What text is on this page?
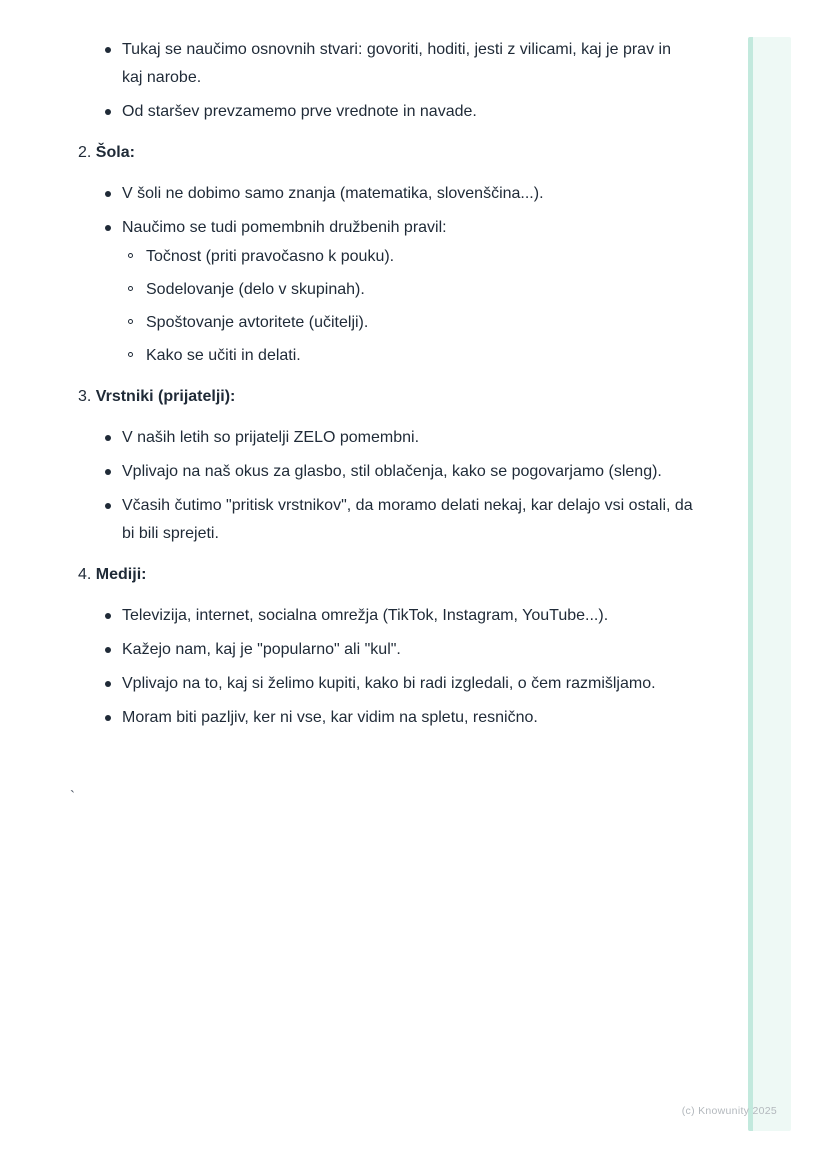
Tukaj se naučimo osnovnih stvari: govoriti, hoditi, jesti z vilicami, kaj je prav in kaj narobe.
Od staršev prevzamemo prve vrednote in navade.
2. Šola:
V šoli ne dobimo samo znanja (matematika, slovenščina...).
Naučimo se tudi pomembnih družbenih pravil:
Točnost (priti pravočasno k pouku).
Sodelovanje (delo v skupinah).
Spoštovanje avtoritete (učitelji).
Kako se učiti in delati.
3. Vrstniki (prijatelji):
V naših letih so prijatelji ZELO pomembni.
Vplivajo na naš okus za glasbo, stil oblačenja, kako se pogovarjamo (sleng).
Včasih čutimo "pritisk vrstnikov", da moramo delati nekaj, kar delajo vsi ostali, da bi bili sprejeti.
4. Mediji:
Televizija, internet, socialna omrežja (TikTok, Instagram, YouTube...).
Kažejo nam, kaj je "popularno" ali "kul".
Vplivajo na to, kaj si želimo kupiti, kako bi radi izgledali, o čem razmišljamo.
Moram biti pazljiv, ker ni vse, kar vidim na spletu, resnično.
`
(c) Knowunity 2025
